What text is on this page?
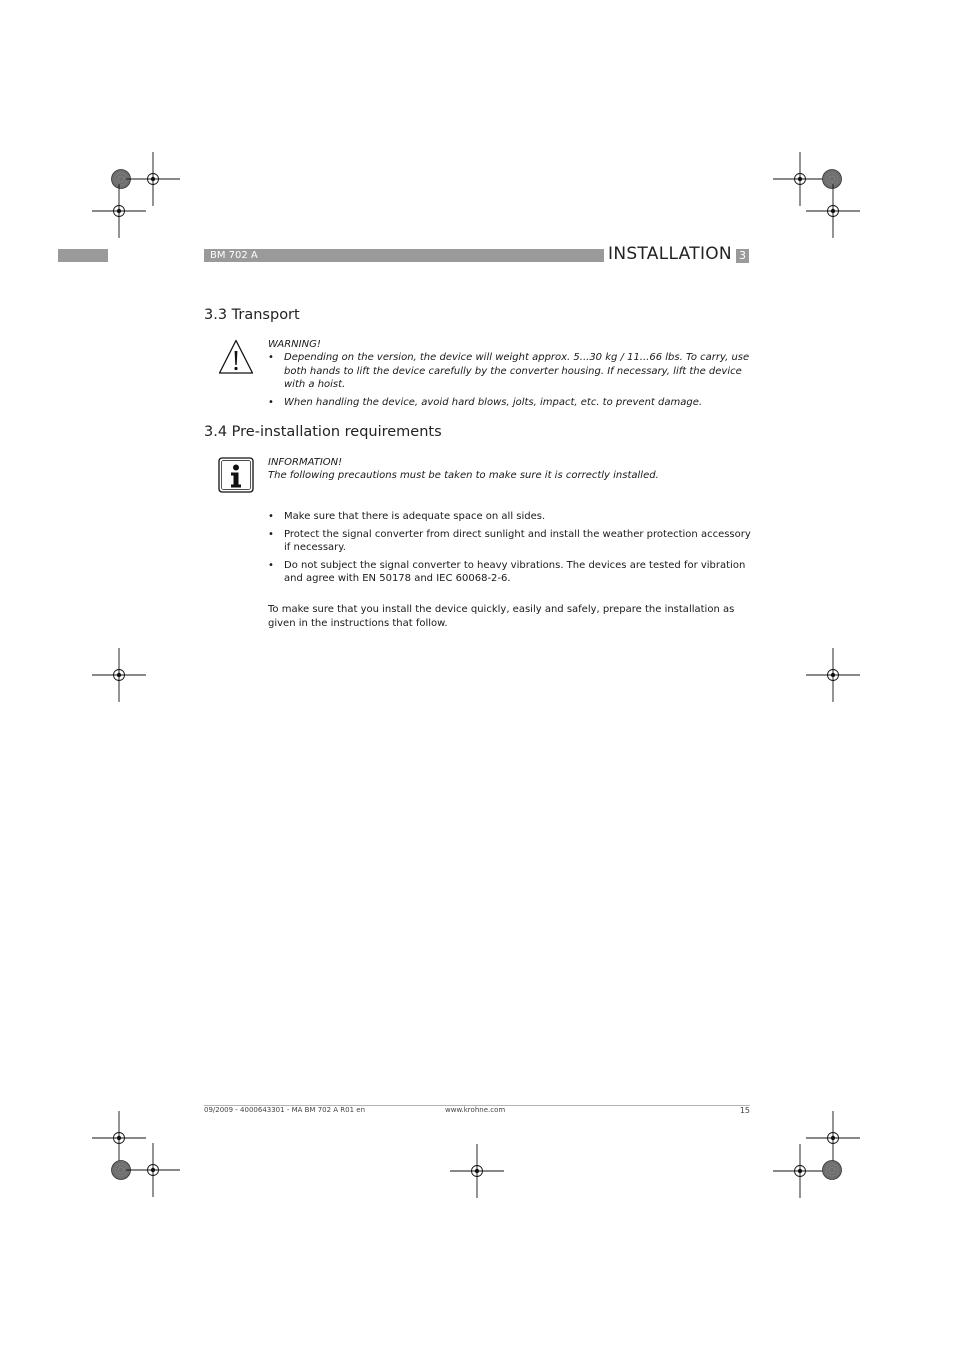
BM 702 A	INSTALLATION 3
3.3 Transport
WARNING!
• Depending on the version, the device will weight approx. 5...30 kg / 11...66 lbs. To carry, use both hands to lift the device carefully by the converter housing. If necessary, lift the device with a hoist.
• When handling the device, avoid hard blows, jolts, impact, etc. to prevent damage.
3.4 Pre-installation requirements
INFORMATION!
The following precautions must be taken to make sure it is correctly installed.
• Make sure that there is adequate space on all sides.
• Protect the signal converter from direct sunlight and install the weather protection accessory if necessary.
• Do not subject the signal converter to heavy vibrations. The devices are tested for vibration and agree with EN 50178 and IEC 60068-2-6.
To make sure that you install the device quickly, easily and safely, prepare the installation as given in the instructions that follow.
09/2009 - 4000643301 - MA BM 702 A R01 en	www.krohne.com	15
